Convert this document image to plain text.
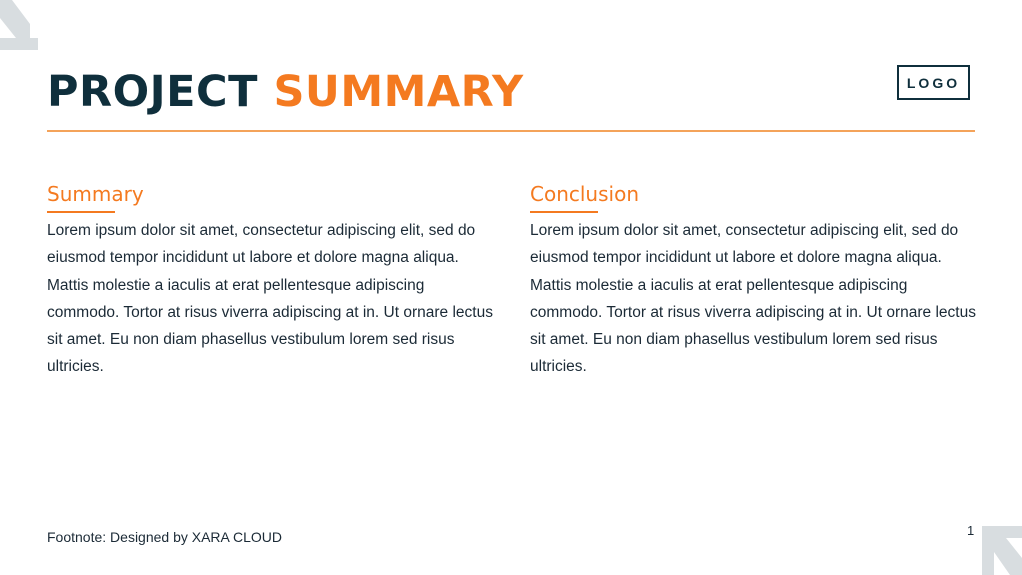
PROJECT SUMMARY	LOGO
Summary

Lorem ipsum dolor sit amet, consectetur adipiscing elit, sed do eiusmod tempor incididunt ut labore et dolore magna aliqua. Mattis molestie a iaculis at erat pellentesque adipiscing commodo. Tortor at risus viverra adipiscing at in. Ut ornare lectus sit amet. Eu non diam phasellus vestibulum lorem sed risus ultricies.

Conclusion

Lorem ipsum dolor sit amet, consectetur adipiscing elit, sed do eiusmod tempor incididunt ut labore et dolore magna aliqua. Mattis molestie a iaculis at erat pellentesque adipiscing commodo. Tortor at risus viverra adipiscing at in. Ut ornare lectus sit amet. Eu non diam phasellus vestibulum lorem sed risus ultricies.

Footnote: Designed by XARA CLOUD	1
